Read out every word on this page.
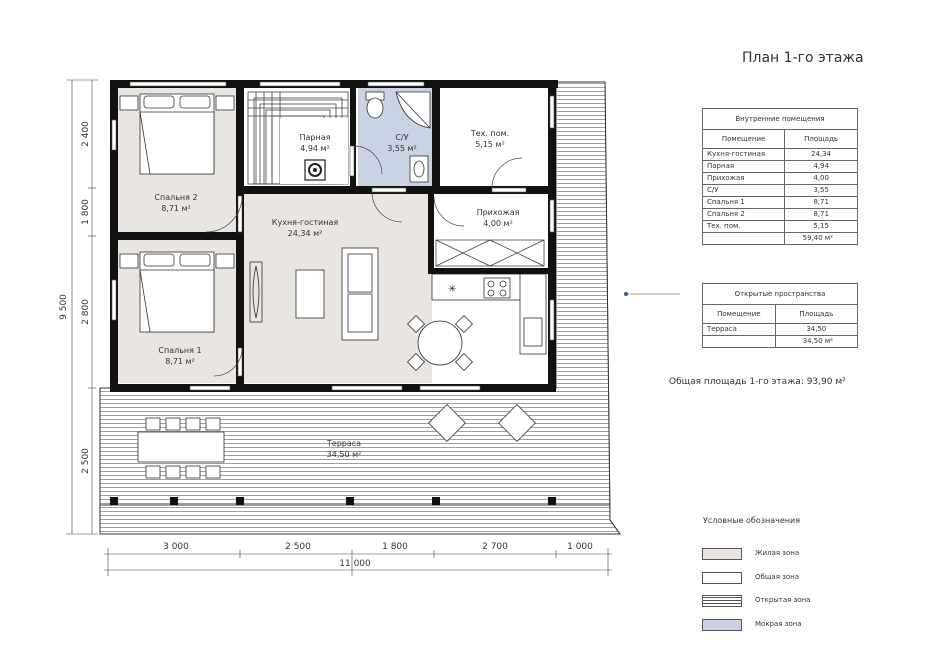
✳
Спальня 2
8,71 м²
Парная
4,94 м²
С/У
3,55 м²
Тех. пом.
5,15 м²
Кухня-гостиная
24,34 м²
Прихожая
4,00 м²
Спальня 1
8,71 м²
Терраса
34,50 м²
9 500
2 400
1 800
2 800
2 500
3 000	2 500	1 800	2 700	1 000
11 000
План 1-го этажа
Внутренние помещения	
Помещение	Площадь
Кухня-гостиная	24,34
Парная	4,94
Прихожая	4,00
С/У	3,55
Спальня 1	8,71
Спальня 2	8,71
Тех. пом.	5,15
	59,40 м²
Открытые пространства	
Помещение	Площадь
Терраса	34,50
	34,50 м²
Общая площадь 1-го этажа: 93,90 м²
Условные обозначения
Жилая зона
Общая зона
Открытая зона
Мокрая зона
